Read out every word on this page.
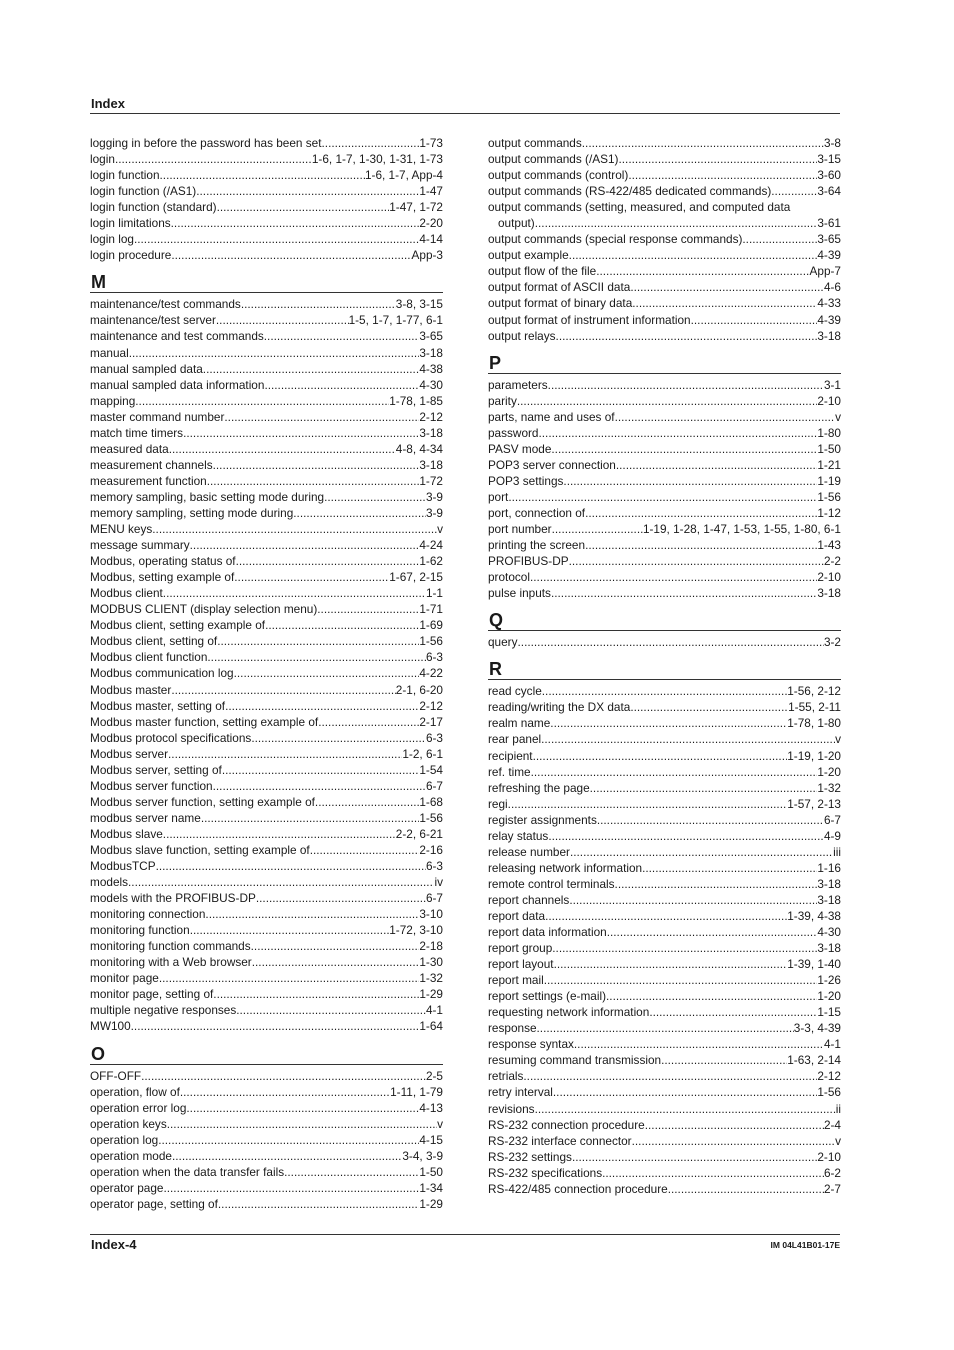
Index
logging in before the password has been set .....	1-73
login .....	1-6, 1-7, 1-30, 1-31, 1-73
login function .....	1-6, 1-7, App-4
login function (/AS1) .....	1-47
login function (standard) .....	1-47, 1-72
login limitations .....	2-20
login log .....	4-14
login procedure .....	App-3
M
maintenance/test commands .....	3-8, 3-15
maintenance/test server .....	1-5, 1-7, 1-77, 6-1
maintenance and test commands .....	3-65
manual .....	3-18
manual sampled data .....	4-38
manual sampled data information .....	4-30
mapping .....	1-78, 1-85
master command number .....	2-12
match time timers .....	3-18
measured data .....	4-8, 4-34
measurement channels .....	3-18
measurement function .....	1-72
memory sampling, basic setting mode during .....	3-9
memory sampling, setting mode during .....	3-9
MENU keys .....	v
message summary .....	4-24
Modbus, operating status of .....	1-62
Modbus, setting example of .....	1-67, 2-15
Modbus client .....	1-1
MODBUS CLIENT (display selection menu) .....	1-71
Modbus client, setting example of .....	1-69
Modbus client, setting of .....	1-56
Modbus client function .....	6-3
Modbus communication log .....	4-22
Modbus master .....	2-1, 6-20
Modbus master, setting of .....	2-12
Modbus master function, setting example of .....	2-17
Modbus protocol specifications .....	6-3
Modbus server .....	1-2, 6-1
Modbus server, setting of .....	1-54
Modbus server function .....	6-7
Modbus server function, setting example of .....	1-68
modbus server name .....	1-56
Modbus slave .....	2-2, 6-21
Modbus slave function, setting example of .....	2-16
ModbusTCP .....	6-3
models .....	iv
models with the PROFIBUS-DP .....	6-7
monitoring connection .....	3-10
monitoring function .....	1-72, 3-10
monitoring function commands .....	2-18
monitoring with a Web browser .....	1-30
monitor page .....	1-32
monitor page, setting of .....	1-29
multiple negative responses .....	4-1
MW100 .....	1-64
O
OFF-OFF .....	2-5
operation, flow of .....	1-11, 1-79
operation error log .....	4-13
operation keys .....	v
operation log .....	4-15
operation mode .....	3-4, 3-9
operation when the data transfer fails .....	1-50
operator page .....	1-34
operator page, setting of .....	1-29
output commands .....	3-8
output commands (/AS1) .....	3-15
output commands (control) .....	3-60
output commands (RS-422/485 dedicated commands) .....	3-64
output commands (setting, measured, and computed data
output) .....	3-61
output commands (special response commands) .....	3-65
output example .....	4-39
output flow of the file .....	App-7
output format of ASCII data .....	4-6
output format of binary data .....	4-33
output format of instrument information .....	4-39
output relays .....	3-18
P
parameters .....	3-1
parity .....	2-10
parts, name and uses of .....	v
password .....	1-80
PASV mode .....	1-50
POP3 server connection .....	1-21
POP3 settings .....	1-19
port .....	1-56
port, connection of .....	1-12
port number .....	1-19, 1-28, 1-47, 1-53, 1-55, 1-80, 6-1
printing the screen .....	1-43
PROFIBUS-DP .....	2-2
protocol .....	2-10
pulse inputs .....	3-18
Q
query .....	3-2
R
read cycle .....	1-56, 2-12
reading/writing the DX data .....	1-55, 2-11
realm name .....	1-78, 1-80
rear panel .....	v
recipient .....	1-19, 1-20
ref. time .....	1-20
refreshing the page .....	1-32
regi .....	1-57, 2-13
register assignments .....	6-7
relay status .....	4-9
release number .....	iii
releasing network information .....	1-16
remote control terminals .....	3-18
report channels .....	3-18
report data .....	1-39, 4-38
report data information .....	4-30
report group .....	3-18
report layout .....	1-39, 1-40
report mail .....	1-26
report settings (e-mail) .....	1-20
requesting network information .....	1-15
response .....	3-3, 4-39
response syntax .....	4-1
resuming command transmission .....	1-63, 2-14
retrials .....	2-12
retry interval .....	1-56
revisions .....	ii
RS-232 connection procedure .....	2-4
RS-232 interface connector .....	v
RS-232 settings .....	2-10
RS-232 specifications .....	6-2
RS-422/485 connection procedure .....	2-7
Index-4	IM 04L41B01-17E
